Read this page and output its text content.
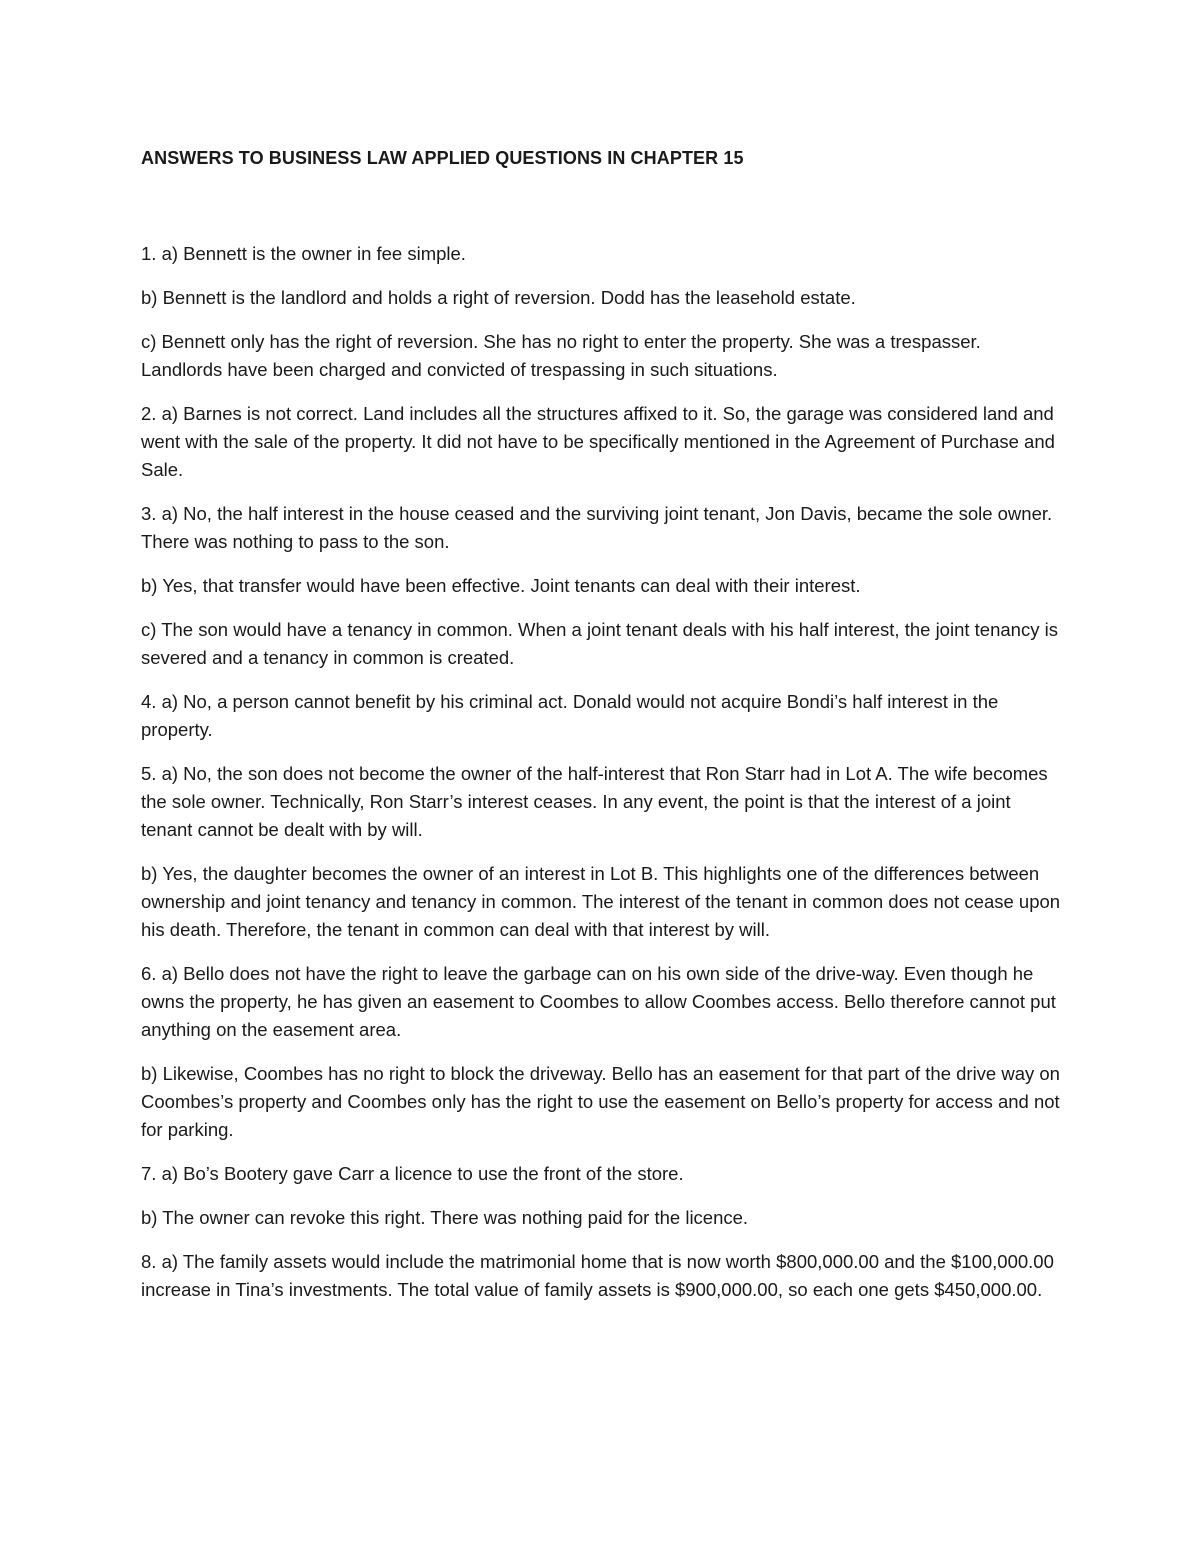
ANSWERS TO BUSINESS LAW APPLIED QUESTIONS IN CHAPTER 15

1. a) Bennett is the owner in fee simple.

b) Bennett is the landlord and holds a right of reversion. Dodd has the leasehold estate.

c) Bennett only has the right of reversion. She has no right to enter the property. She was a trespasser. Landlords have been charged and convicted of trespassing in such situations.

2. a) Barnes is not correct. Land includes all the structures affixed to it. So, the garage was considered land and went with the sale of the property. It did not have to be specifically mentioned in the Agreement of Purchase and Sale.

3. a) No, the half interest in the house ceased and the surviving joint tenant, Jon Davis, became the sole owner. There was nothing to pass to the son.

b) Yes, that transfer would have been effective. Joint tenants can deal with their interest.

c) The son would have a tenancy in common. When a joint tenant deals with his half interest, the joint tenancy is severed and a tenancy in common is created.

4. a) No, a person cannot benefit by his criminal act. Donald would not acquire Bondi’s half interest in the property.

5. a) No, the son does not become the owner of the half-interest that Ron Starr had in Lot A. The wife becomes the sole owner. Technically, Ron Starr’s interest ceases. In any event, the point is that the interest of a joint tenant cannot be dealt with by will.

b) Yes, the daughter becomes the owner of an interest in Lot B. This highlights one of the differences between ownership and joint tenancy and tenancy in common. The interest of the tenant in common does not cease upon his death. Therefore, the tenant in common can deal with that interest by will.

6. a) Bello does not have the right to leave the garbage can on his own side of the drive-way. Even though he owns the property, he has given an easement to Coombes to allow Coombes access. Bello therefore cannot put anything on the easement area.

b) Likewise, Coombes has no right to block the driveway. Bello has an easement for that part of the drive way on Coombes’s property and Coombes only has the right to use the easement on Bello’s property for access and not for parking.

7. a) Bo’s Bootery gave Carr a licence to use the front of the store.

b) The owner can revoke this right. There was nothing paid for the licence.

8. a) The family assets would include the matrimonial home that is now worth $800,000.00 and the $100,000.00 increase in Tina’s investments. The total value of family assets is $900,000.00, so each one gets $450,000.00.
